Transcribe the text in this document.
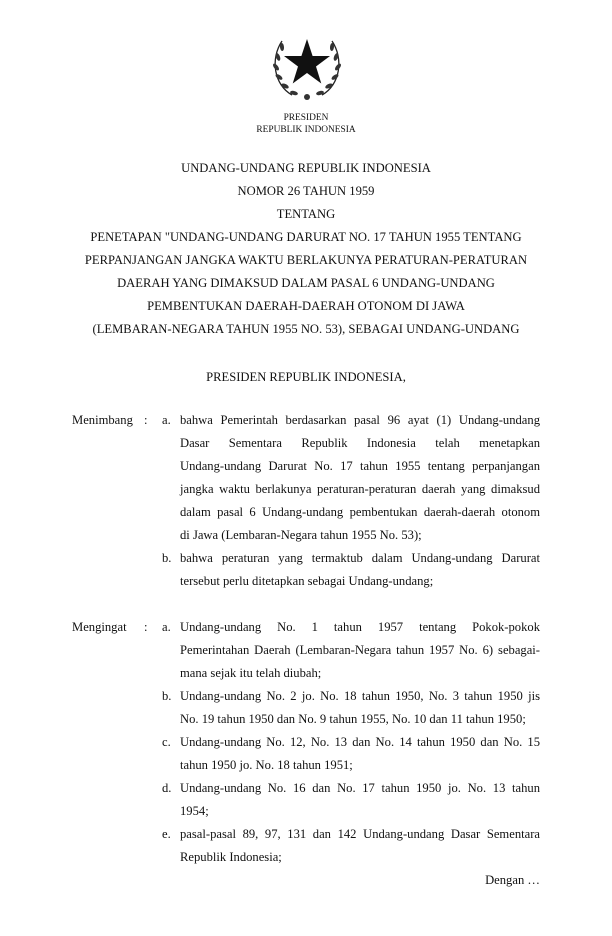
PRESIDEN
REPUBLIK INDONESIA
UNDANG-UNDANG REPUBLIK INDONESIA
NOMOR 26 TAHUN 1959
TENTANG
PENETAPAN "UNDANG-UNDANG DARURAT NO. 17 TAHUN 1955 TENTANG
PERPANJANGAN JANGKA WAKTU BERLAKUNYA PERATURAN-PERATURAN
DAERAH YANG DIMAKSUD DALAM PASAL 6 UNDANG-UNDANG
PEMBENTUKAN DAERAH-DAERAH OTONOM DI JAWA
(LEMBARAN-NEGARA TAHUN 1955 NO. 53), SEBAGAI UNDANG-UNDANG
PRESIDEN REPUBLIK INDONESIA,
Menimbang : a. bahwa Pemerintah berdasarkan pasal 96 ayat (1) Undang-undang
Dasar Sementara Republik Indonesia telah menetapkan
Undang-undang Darurat No. 17 tahun 1955 tentang perpanjangan
jangka waktu berlakunya peraturan-peraturan daerah yang dimaksud
dalam pasal 6 Undang-undang pembentukan daerah-daerah otonom
di Jawa (Lembaran-Negara tahun 1955 No. 53);
b. bahwa peraturan yang termaktub dalam Undang-undang Darurat
tersebut perlu ditetapkan sebagai Undang-undang;
Mengingat : a. Undang-undang No. 1 tahun 1957 tentang Pokok-pokok
Pemerintahan Daerah (Lembaran-Negara tahun 1957 No. 6) sebagai-
mana sejak itu telah diubah;
b. Undang-undang No. 2 jo. No. 18 tahun 1950, No. 3 tahun 1950 jis
No. 19 tahun 1950 dan No. 9 tahun 1955, No. 10 dan 11 tahun 1950;
c. Undang-undang No. 12, No. 13 dan No. 14 tahun 1950 dan No. 15
tahun 1950 jo. No. 18 tahun 1951;
d. Undang-undang No. 16 dan No. 17 tahun 1950 jo. No. 13 tahun
1954;
e. pasal-pasal 89, 97, 131 dan 142 Undang-undang Dasar Sementara
Republik Indonesia;
Dengan …
